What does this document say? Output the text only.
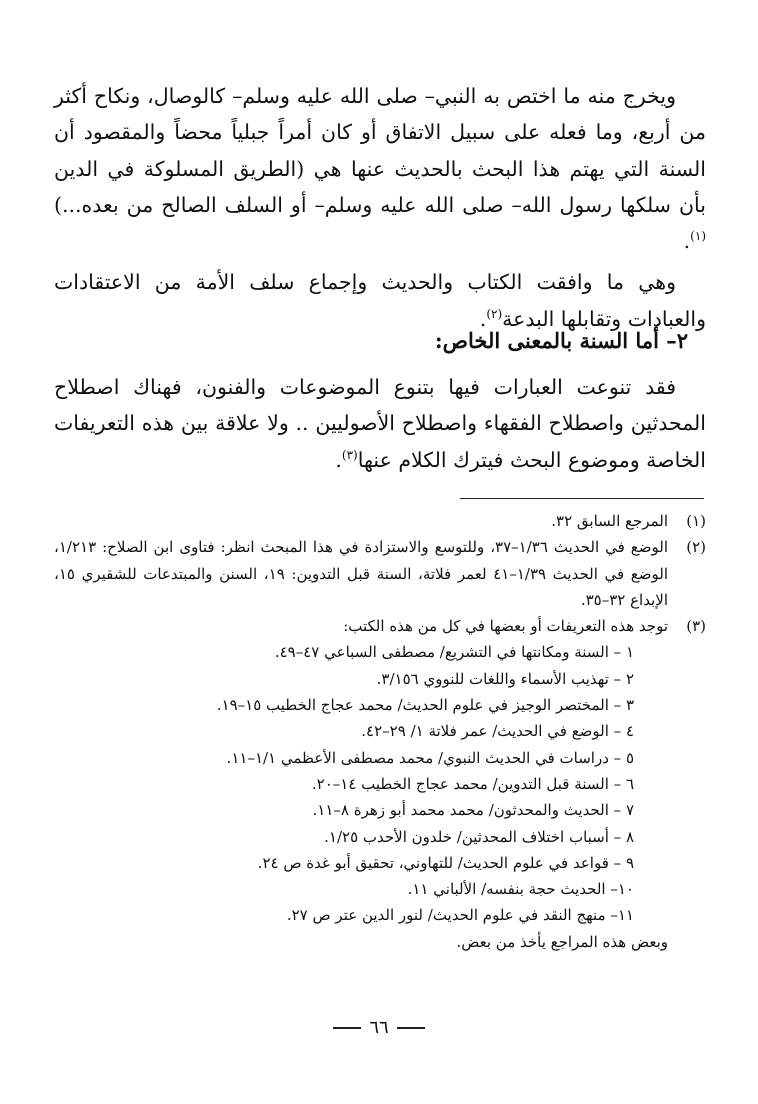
ويخرج منه ما اختص به النبي– صلى الله عليه وسلم– كالوصال، ونكاح أكثر من أربع، وما فعله على سبيل الاتفاق أو كان أمراً جبلياً محضاً والمقصود أن السنة التي يهتم هذا البحث بالحديث عنها هي (الطريق المسلوكة في الدين بأن سلكها رسول الله– صلى الله عليه وسلم– أو السلف الصالح من بعده...)$^{(١)}$.

وهي ما وافقت الكتاب والحديث وإجماع سلف الأمة من الاعتقادات والعبادات وتقابلها البدعة$^{(٢)}$.

٢– أما السنة بالمعنى الخاص:

فقد تنوعت العبارات فيها بتنوع الموضوعات والفنون، فهناك اصطلاح المحدثين واصطلاح الفقهاء واصطلاح الأصوليين .. ولا علاقة بين هذه التعريفات الخاصة وموضوع البحث فيترك الكلام عنها$^{(٣)}$.

(١)
المرجع السابق ٣٢.
(٢)
الوضع في الحديث ١/٣٦–٣٧، وللتوسع والاستزادة في هذا المبحث انظر: فتاوى ابن الصلاح: ١/٢١٣، الوضع في الحديث ١/٣٩–٤١ لعمر فلاتة، السنة قبل التدوين: ١٩، السنن والمبتدعات للشقيري ١٥، الإبداع ٣٢–٣٥.
(٣)
توجد هذه التعريفات أو بعضها في كل من هذه الكتب:
١ – السنة ومكانتها في التشريع/ مصطفى السباعي ٤٧–٤٩.
٢ – تهذيب الأسماء واللغات للنووي ٣/١٥٦.
٣ – المختصر الوجيز في علوم الحديث/ محمد عجاج الخطيب ١٥–١٩.
٤ – الوضع في الحديث/ عمر فلاتة ١/ ٢٩–٤٢.
٥ – دراسات في الحديث النبوي/ محمد مصطفى الأعظمي ١/١–١١.
٦ – السنة قبل التدوين/ محمد عجاج الخطيب ١٤–٢٠.
٧ – الحديث والمحدثون/ محمد محمد أبو زهرة ٨–١١.
٨ – أسباب اختلاف المحدثين/ خلدون الأحدب ١/٢٥.
٩ – قواعد في علوم الحديث/ للتهاوني، تحقيق أبو غدة ص ٢٤.
١٠– الحديث حجة بنفسه/ الألباني ١١.
١١– منهج النقد في علوم الحديث/ لنور الدين عتر ص ٢٧.
وبعض هذه المراجع يأخذ من بعض.
٦٦
